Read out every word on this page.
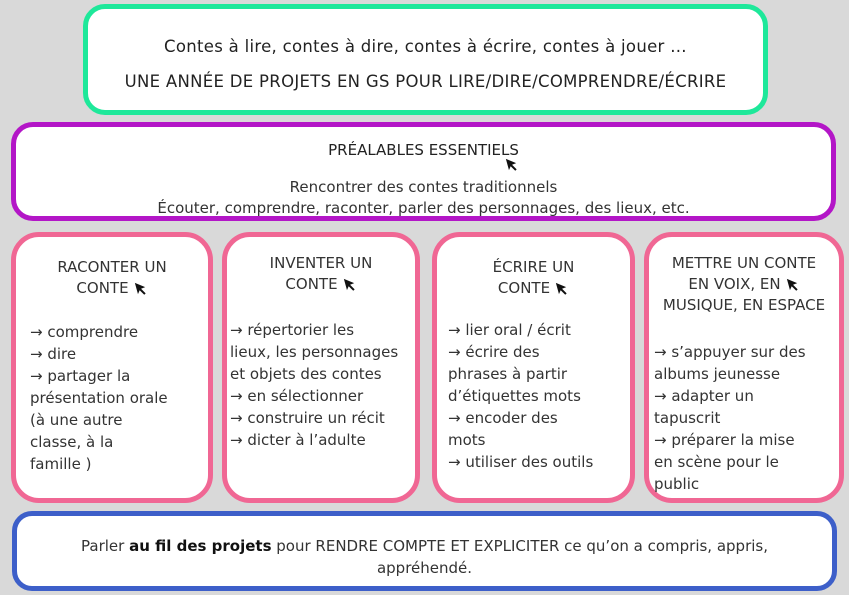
Contes à lire, contes à dire, contes à écrire, contes à jouer …
UNE ANNÉE DE PROJETS EN GS POUR LIRE/DIRE/COMPRENDRE/ÉCRIRE
PRÉALABLES ESSENTIELS
Rencontrer des contes traditionnels
Écouter, comprendre, raconter, parler des personnages, des lieux, etc.
RACONTER UN
CONTE
→ comprendre
→ dire
→ partager la
présentation orale
(à une autre
classe, à la
famille )
INVENTER UN
CONTE
→ répertorier les
lieux, les personnages
et objets des contes
→ en sélectionner
→ construire un récit
→ dicter à l’adulte
ÉCRIRE UN
CONTE
→ lier oral / écrit
→ écrire des
phrases à partir
d’étiquettes mots
→ encoder des
mots
→ utiliser des outils
METTRE UN CONTE
EN VOIX, EN
MUSIQUE, EN ESPACE
→ s’appuyer sur des
albums jeunesse
→ adapter un
tapuscrit
→ préparer la mise
en scène pour le
public
Parler au fil des projets pour RENDRE COMPTE ET EXPLICITER ce qu’on a compris, appris, appréhendé.
